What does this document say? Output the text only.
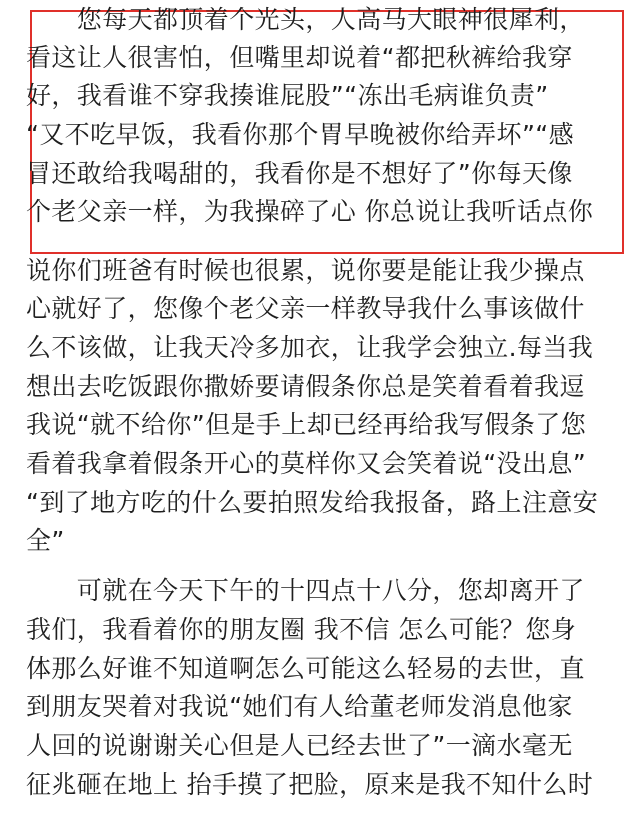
　　您每天都顶着个光头，人高马大眼神很犀利，
看这让人很害怕，但嘴里却说着“都把秋裤给我穿
好，我看谁不穿我揍谁屁股”“冻出毛病谁负责”
“又不吃早饭，我看你那个胃早晚被你给弄坏”“感
冒还敢给我喝甜的，我看你是不想好了”你每天像
个老父亲一样，为我操碎了心 你总说让我听话点你
说你们班爸有时候也很累，说你要是能让我少操点
心就好了，您像个老父亲一样教导我什么事该做什
么不该做，让我天冷多加衣，让我学会独立.每当我
想出去吃饭跟你撒娇要请假条你总是笑着看着我逗
我说“就不给你”但是手上却已经再给我写假条了您
看着我拿着假条开心的莫样你又会笑着说“没出息”
“到了地方吃的什么要拍照发给我报备，路上注意安
全”
　　可就在今天下午的十四点十八分，您却离开了
我们，我看着你的朋友圈 我不信 怎么可能？您身
体那么好谁不知道啊怎么可能这么轻易的去世，直
到朋友哭着对我说“她们有人给董老师发消息他家
人回的说谢谢关心但是人已经去世了”一滴水毫无
征兆砸在地上 抬手摸了把脸，原来是我不知什么时
